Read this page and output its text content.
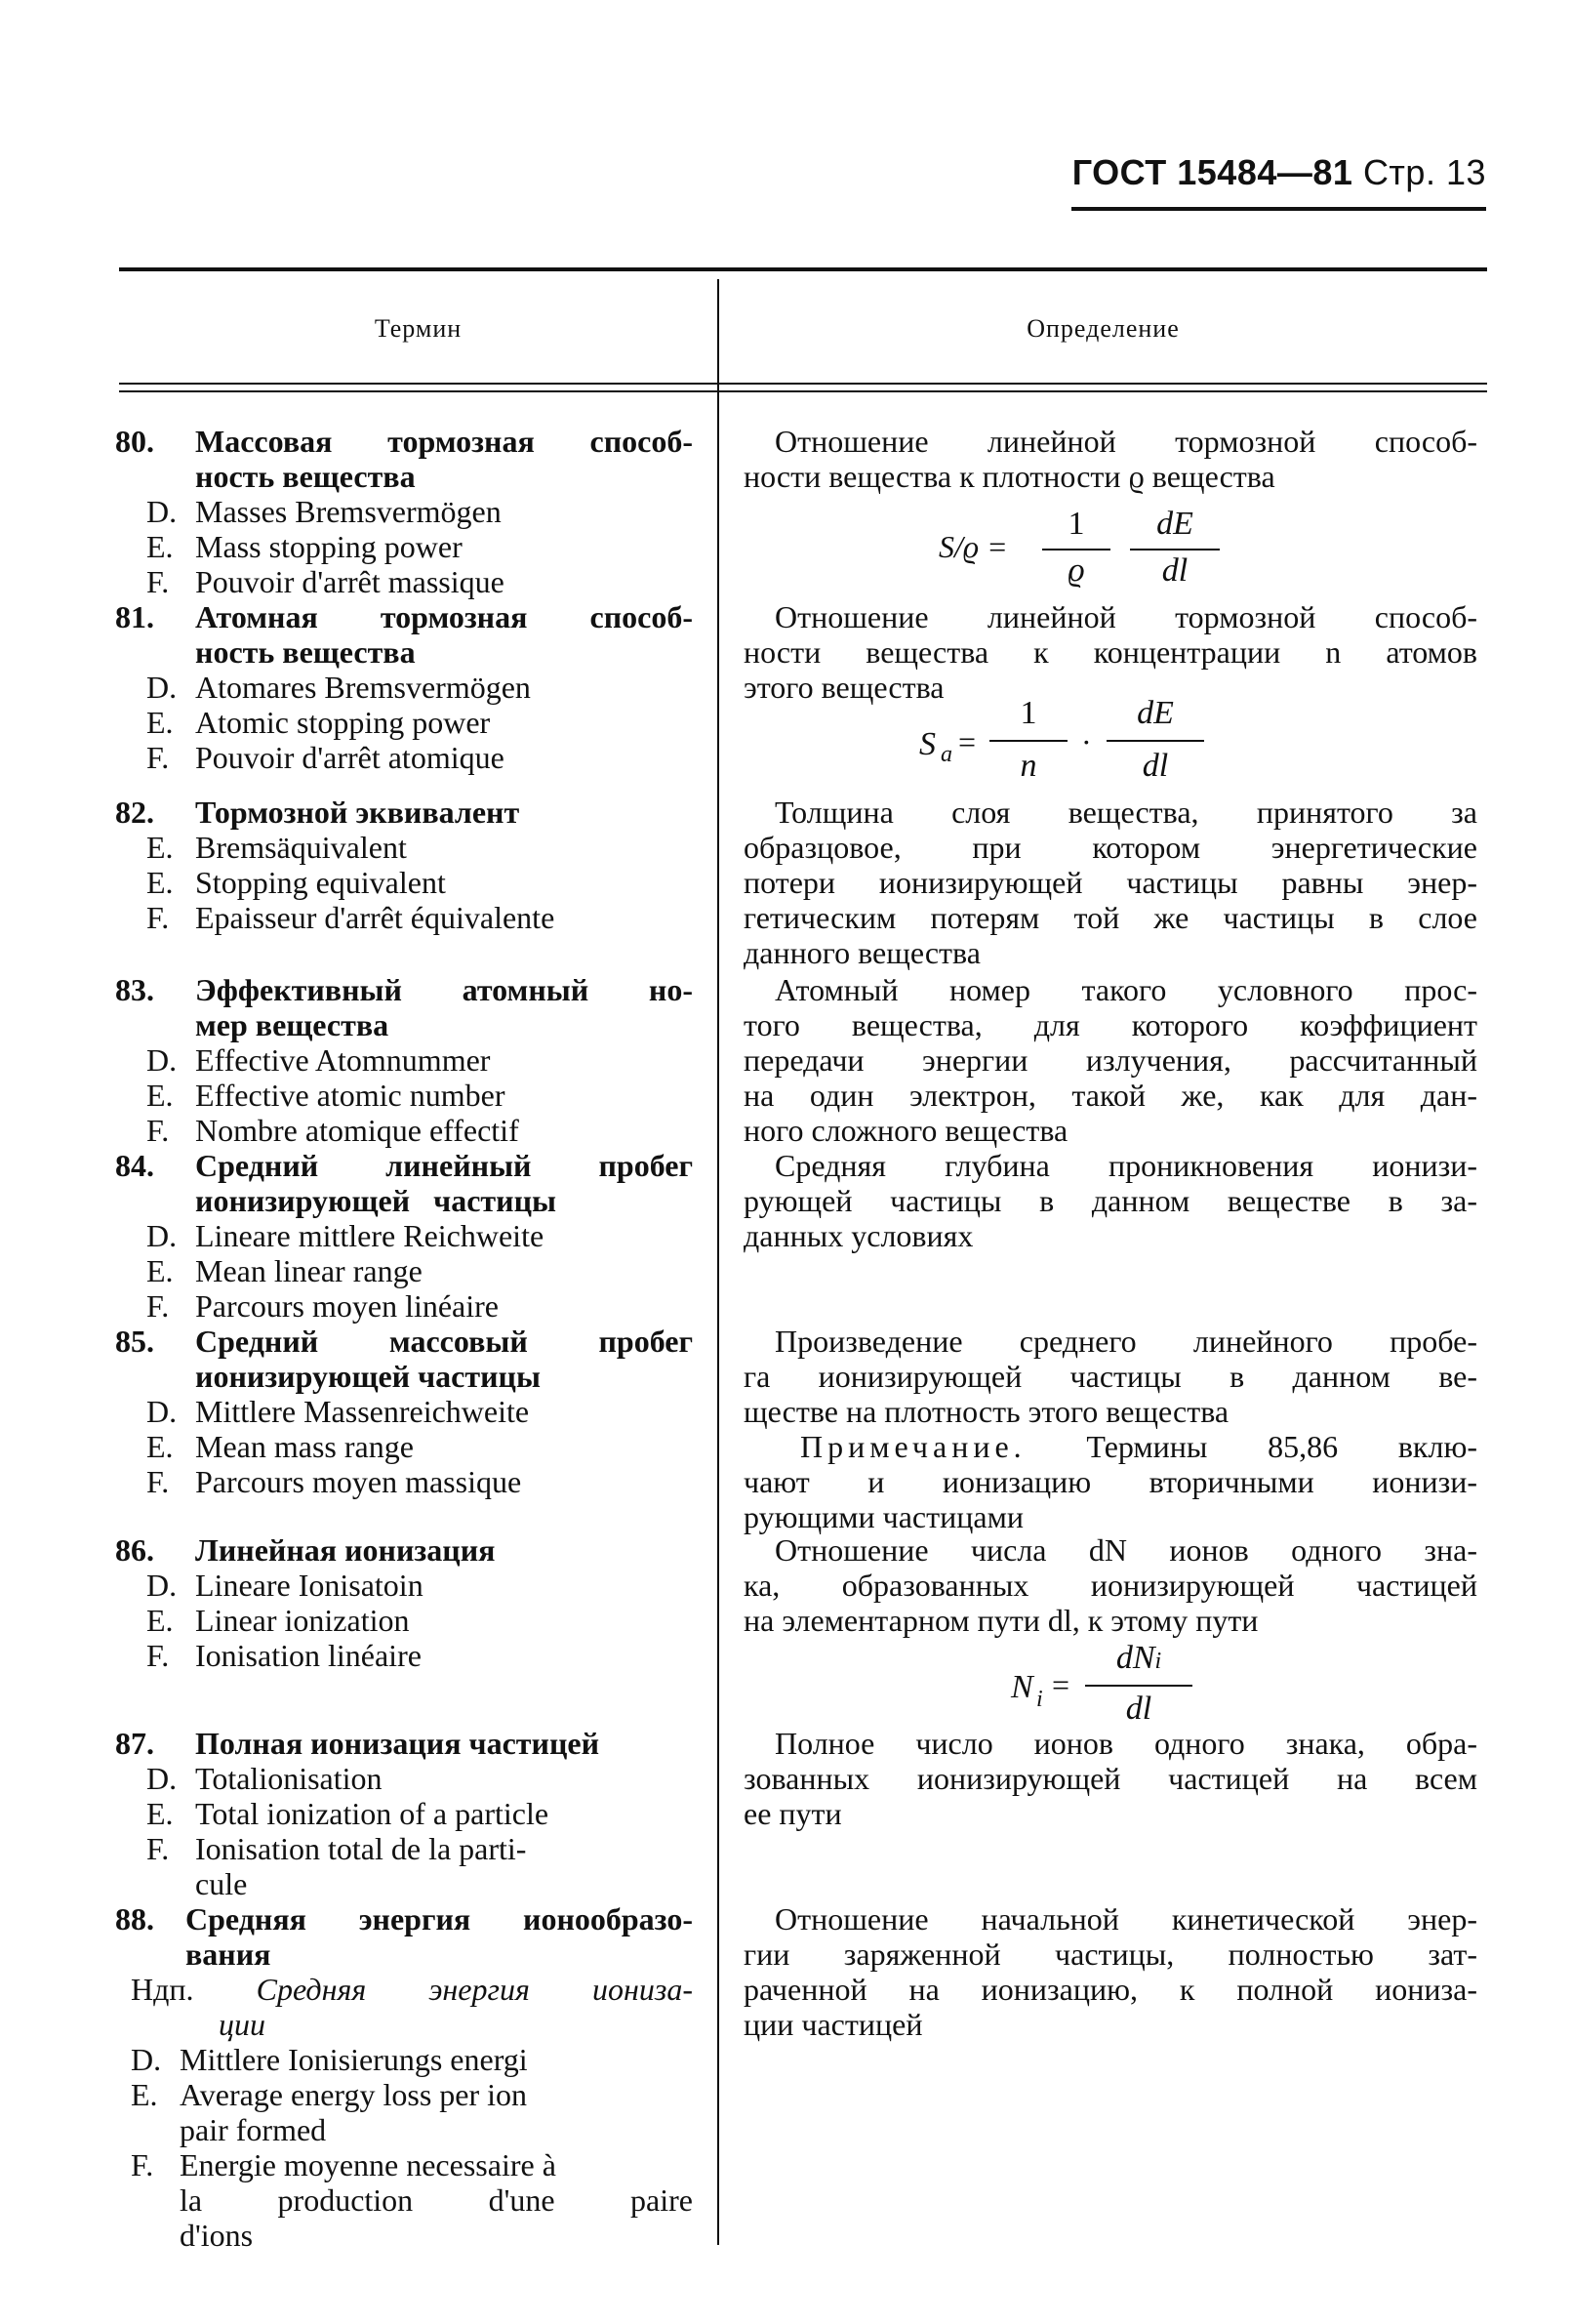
ГОСТ 15484—81 Стр. 13
Термин	Определение
80. Массовая тормозная способ-
ность вещества
D. Masses Bremsvermögen
E. Mass stopping power
F. Pouvoir d'arrêt massique
Отношение линейной тормозной способ-
ности вещества к плотности ϱ вещества
S/ϱ =
1
ϱ
dE
dl
81. Атомная тормозная способ-
ность вещества
D. Atomares Bremsvermögen
E. Atomic stopping power
F. Pouvoir d'arrêt atomique
Отношение линейной тормозной способ-
ности вещества к концентрации n атомов
этого вещества
S a =
1
n
·
dE
dl
82. Тормозной эквивалент
E. Bremsäquivalent
E. Stopping equivalent
F. Epaisseur d'arrêt équivalente
Толщина слоя вещества, принятого за
образцовое, при котором энергетические
потери ионизирующей частицы равны энер-
гетическим потерям той же частицы в слое
данного вещества
83. Эффективный атомный но-
мер вещества
D. Effective Atomnummer
E. Effective atomic number
F. Nombre atomique effectif
Атомный номер такого условного прос-
того вещества, для которого коэффициент
передачи энергии излучения, рассчитанный
на один электрон, такой же, как для дан-
ного сложного вещества
84. Средний линейный пробег
ионизирующей частицы
D. Lineare mittlere Reichweite
E. Mean linear range
F. Parcours moyen linéaire
Средняя глубина проникновения ионизи-
рующей частицы в данном веществе в за-
данных условиях
85. Средний массовый пробег
ионизирующей частицы
D. Mittlere Massenreichweite
E. Mean mass range
F. Parcours moyen massique
Произведение среднего линейного пробе-
га ионизирующей частицы в данном ве-
ществе на плотность этого вещества
Примечание. Термины 85,86 вклю-
чают и ионизацию вторичными ионизи-
рующими частицами
86. Линейная ионизация
D. Lineare Ionisatoin
E. Linear ionization
F. Ionisation linéaire
Отношение числа dN ионов одного зна-
ка, образованных ионизирующей частицей
на элементарном пути dl, к этому пути
N i =
dNi
dl
87. Полная ионизация частицей
D. Totalionisation
E. Total ionization of a particle
F. Ionisation total de la parti-
cule
Полное число ионов одного знака, обра-
зованных ионизирующей частицей на всем
ее пути
88. Средняя энергия ионообразо-
вания
Ндп. Средняя энергия иониза-
ции
D. Mittlere Ionisierungs energi
E. Average energy loss per ion
pair formed
F. Energie moyenne necessaire à
la production d'une paire
d'ions
Отношение начальной кинетической энер-
гии заряженной частицы, полностью зат-
раченной на ионизацию, к полной иониза-
ции частицей
